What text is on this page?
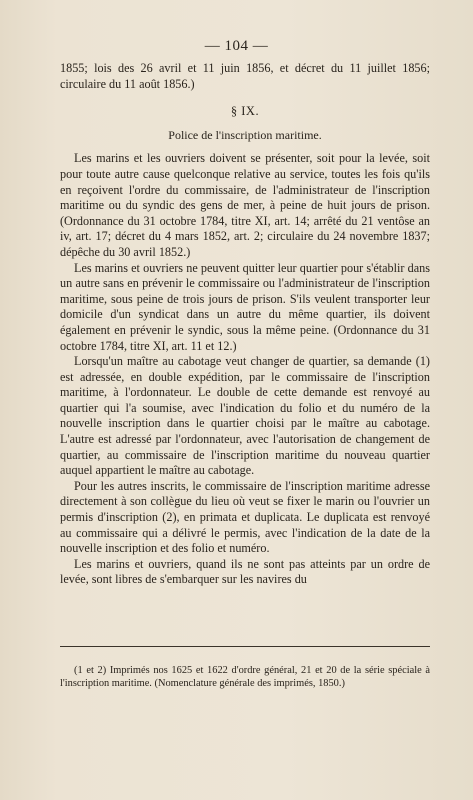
— 104 —

1855; lois des 26 avril et 11 juin 1856, et décret du 11 juillet 1856; circulaire du 11 août 1856.)

§ IX.

Police de l'inscription maritime.

Les marins et les ouvriers doivent se présenter, soit pour la levée, soit pour toute autre cause quelconque relative au service, toutes les fois qu'ils en reçoivent l'ordre du commissaire, de l'administrateur de l'inscription maritime ou du syndic des gens de mer, à peine de huit jours de prison. (Ordonnance du 31 octobre 1784, titre XI, art. 14; arrêté du 21 ventôse an iv, art. 17; décret du 4 mars 1852, art. 2; circulaire du 24 novembre 1837; dépêche du 30 avril 1852.)

Les marins et ouvriers ne peuvent quitter leur quartier pour s'établir dans un autre sans en prévenir le commissaire ou l'administrateur de l'inscription maritime, sous peine de trois jours de prison. S'ils veulent transporter leur domicile d'un syndicat dans un autre du même quartier, ils doivent également en prévenir le syndic, sous la même peine. (Ordonnance du 31 octobre 1784, titre XI, art. 11 et 12.)

Lorsqu'un maître au cabotage veut changer de quartier, sa demande (1) est adressée, en double expédition, par le commissaire de l'inscription maritime, à l'ordonnateur. Le double de cette demande est renvoyé au quartier qui l'a soumise, avec l'indication du folio et du numéro de la nouvelle inscription dans le quartier choisi par le maître au cabotage. L'autre est adressé par l'ordonnateur, avec l'autorisation de changement de quartier, au commissaire de l'inscription maritime du nouveau quartier auquel appartient le maître au cabotage.

Pour les autres inscrits, le commissaire de l'inscription maritime adresse directement à son collègue du lieu où veut se fixer le marin ou l'ouvrier un permis d'inscription (2), en primata et duplicata. Le duplicata est renvoyé au commissaire qui a délivré le permis, avec l'indication de la date de la nouvelle inscription et des folio et numéro.

Les marins et ouvriers, quand ils ne sont pas atteints par un ordre de levée, sont libres de s'embarquer sur les navires du

(1 et 2) Imprimés nos 1625 et 1622 d'ordre général, 21 et 20 de la série spéciale à l'inscription maritime. (Nomenclature générale des imprimés, 1850.)
